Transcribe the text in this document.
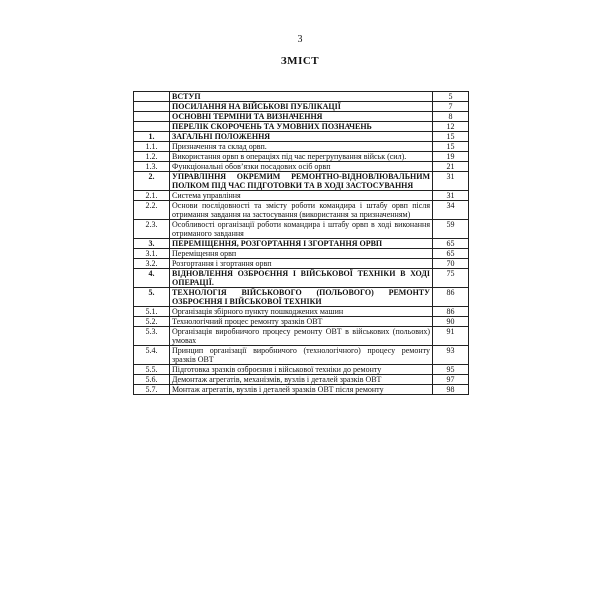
3
ЗМІСТ
	ВСТУП	5
	ПОСИЛАННЯ НА ВІЙСЬКОВІ ПУБЛІКАЦІЇ	7
	ОСНОВНІ ТЕРМІНИ ТА ВИЗНАЧЕННЯ	8
	ПЕРЕЛІК СКОРОЧЕНЬ ТА УМОВНИХ ПОЗНАЧЕНЬ	12
1.	ЗАГАЛЬНІ ПОЛОЖЕННЯ	15
1.1.	Призначення та склад орвп.	15
1.2.	Використання орвп в операціях під час перегрупування військ (сил).	19
1.3.	Функціональні обов’язки посадових осіб орвп	21
2.	УПРАВЛІННЯ ОКРЕМИМ РЕМОНТНО-ВІДНОВЛЮВАЛЬНИМ ПОЛКОМ ПІД ЧАС ПІДГОТОВКИ ТА В ХОДІ ЗАСТОСУВАННЯ	31
2.1.	Система управління	31
2.2.	Основи послідовності та змісту роботи командира і штабу орвп після отримання завдання на застосування (використання за призначенням)	34
2.3.	Особливості організації роботи командира і штабу орвп в ході виконання отриманого завдання	59
3.	ПЕРЕМІЩЕННЯ, РОЗГОРТАННЯ І ЗГОРТАННЯ ОРВП	65
3.1.	Переміщення орвп	65
3.2.	Розгортання і згортання орвп	70
4.	ВІДНОВЛЕННЯ ОЗБРОЄННЯ І ВІЙСЬКОВОЇ ТЕХНІКИ В ХОДІ ОПЕРАЦІЇ.	75
5.	ТЕХНОЛОГІЯ ВІЙСЬКОВОГО (ПОЛЬОВОГО) РЕМОНТУ ОЗБРОЄННЯ І ВІЙСЬКОВОЇ ТЕХНІКИ	86
5.1.	Організація збірного пункту пошкоджених машин	86
5.2.	Технологічний процес ремонту зразків ОВТ	90
5.3.	Організація виробничого процесу ремонту ОВТ в військових (польових) умовах	91
5.4.	Принцип організації виробничого (технологічного) процесу ремонту зразків ОВТ	93
5.5.	Підготовка зразків озброєння і військової техніки до ремонту	95
5.6.	Демонтаж агрегатів, механізмів, вузлів і деталей зразків ОВТ	97
5.7.	Монтаж агрегатів, вузлів і деталей зразків ОВТ після ремонту	98
